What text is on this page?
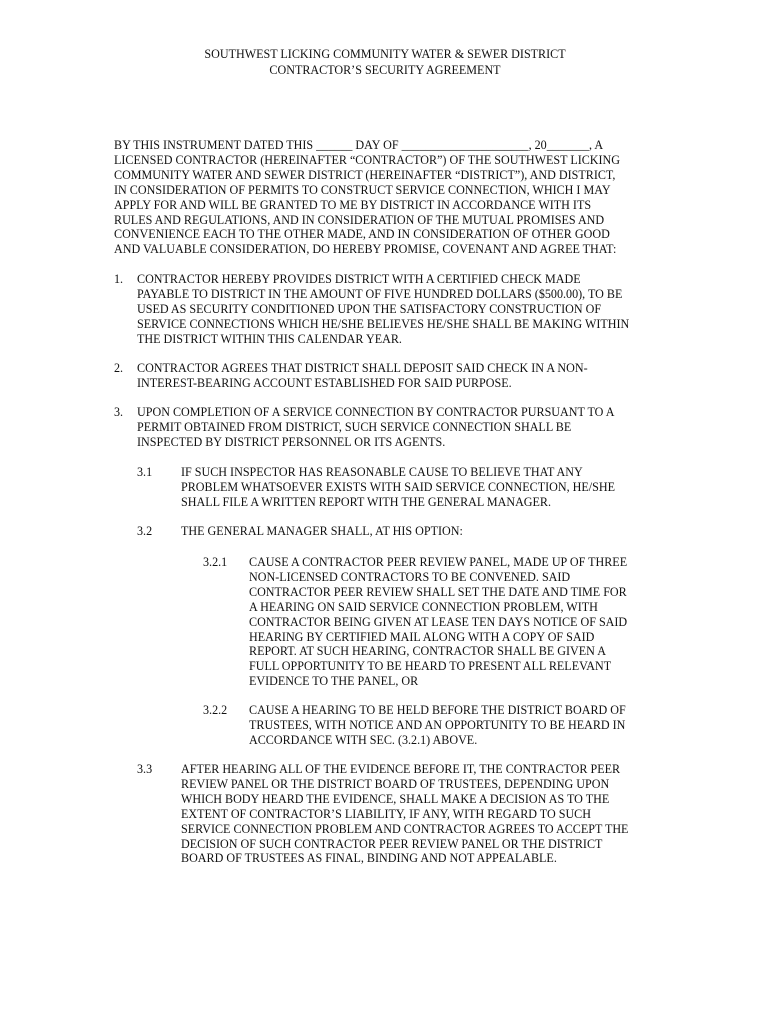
SOUTHWEST LICKING COMMUNITY WATER & SEWER DISTRICT
CONTRACTOR’S SECURITY AGREEMENT
BY THIS INSTRUMENT DATED THIS ______ DAY OF _____________________, 20_______, A
LICENSED CONTRACTOR (HEREINAFTER “CONTRACTOR”) OF THE SOUTHWEST LICKING
COMMUNITY WATER AND SEWER DISTRICT (HEREINAFTER “DISTRICT”), AND DISTRICT,
IN CONSIDERATION OF PERMITS TO CONSTRUCT SERVICE CONNECTION, WHICH I MAY
APPLY FOR AND WILL BE GRANTED TO ME BY DISTRICT IN ACCORDANCE WITH ITS
RULES AND REGULATIONS, AND IN CONSIDERATION OF THE MUTUAL PROMISES AND
CONVENIENCE EACH TO THE OTHER MADE, AND IN CONSIDERATION OF OTHER GOOD
AND VALUABLE CONSIDERATION, DO HEREBY PROMISE, COVENANT AND AGREE THAT:
1. CONTRACTOR HEREBY PROVIDES DISTRICT WITH A CERTIFIED CHECK MADE
PAYABLE TO DISTRICT IN THE AMOUNT OF FIVE HUNDRED DOLLARS ($500.00), TO BE
USED AS SECURITY CONDITIONED UPON THE SATISFACTORY CONSTRUCTION OF
SERVICE CONNECTIONS WHICH HE/SHE BELIEVES HE/SHE SHALL BE MAKING WITHIN
THE DISTRICT WITHIN THIS CALENDAR YEAR.
2. CONTRACTOR AGREES THAT DISTRICT SHALL DEPOSIT SAID CHECK IN A NON-
INTEREST-BEARING ACCOUNT ESTABLISHED FOR SAID PURPOSE.
3. UPON COMPLETION OF A SERVICE CONNECTION BY CONTRACTOR PURSUANT TO A
PERMIT OBTAINED FROM DISTRICT, SUCH SERVICE CONNECTION SHALL BE
INSPECTED BY DISTRICT PERSONNEL OR ITS AGENTS.
3.1 IF SUCH INSPECTOR HAS REASONABLE CAUSE TO BELIEVE THAT ANY
PROBLEM WHATSOEVER EXISTS WITH SAID SERVICE CONNECTION, HE/SHE
SHALL FILE A WRITTEN REPORT WITH THE GENERAL MANAGER.
3.2 THE GENERAL MANAGER SHALL, AT HIS OPTION:
3.2.1 CAUSE A CONTRACTOR PEER REVIEW PANEL, MADE UP OF THREE
NON-LICENSED CONTRACTORS TO BE CONVENED. SAID
CONTRACTOR PEER REVIEW SHALL SET THE DATE AND TIME FOR
A HEARING ON SAID SERVICE CONNECTION PROBLEM, WITH
CONTRACTOR BEING GIVEN AT LEASE TEN DAYS NOTICE OF SAID
HEARING BY CERTIFIED MAIL ALONG WITH A COPY OF SAID
REPORT. AT SUCH HEARING, CONTRACTOR SHALL BE GIVEN A
FULL OPPORTUNITY TO BE HEARD TO PRESENT ALL RELEVANT
EVIDENCE TO THE PANEL, OR
3.2.2 CAUSE A HEARING TO BE HELD BEFORE THE DISTRICT BOARD OF
TRUSTEES, WITH NOTICE AND AN OPPORTUNITY TO BE HEARD IN
ACCORDANCE WITH SEC. (3.2.1) ABOVE.
3.3 AFTER HEARING ALL OF THE EVIDENCE BEFORE IT, THE CONTRACTOR PEER
REVIEW PANEL OR THE DISTRICT BOARD OF TRUSTEES, DEPENDING UPON
WHICH BODY HEARD THE EVIDENCE, SHALL MAKE A DECISION AS TO THE
EXTENT OF CONTRACTOR’S LIABILITY, IF ANY, WITH REGARD TO SUCH
SERVICE CONNECTION PROBLEM AND CONTRACTOR AGREES TO ACCEPT THE
DECISION OF SUCH CONTRACTOR PEER REVIEW PANEL OR THE DISTRICT
BOARD OF TRUSTEES AS FINAL, BINDING AND NOT APPEALABLE.
